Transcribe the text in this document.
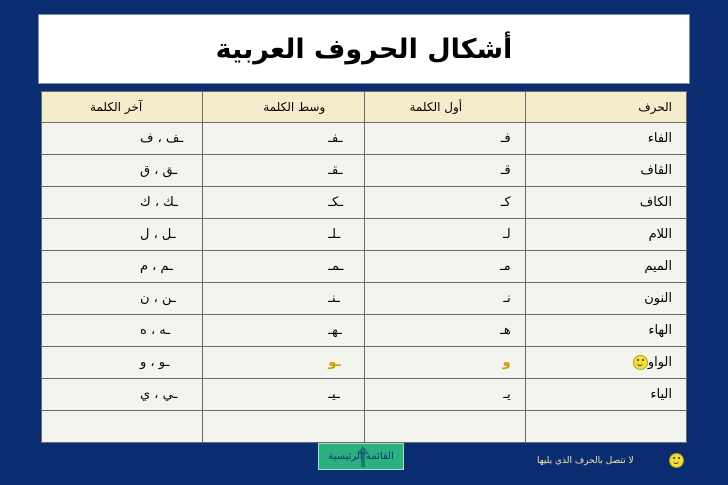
أشكال الحروف العربية
آخر الكلمة	وسط الكلمة	أول الكلمة	الحرف
ـف ، ف	ـفـ	فـ	الفاء
ـق ، ق	ـقـ	قـ	القاف
ـك ، ك	ـكـ	كـ	الكاف
ـل ، ل	ـلـ	لـ	اللام
ـم ، م	ـمـ	مـ	الميم
ـن ، ن	ـنـ	نـ	النون
ـه ، ه	ـهـ	هـ	الهاء
ـو ، و	ـو	و	الواو
ـي ، ي	ـيـ	يـ	الياء

القائمة الرئيسية	لا تتصل بالحرف الذي يليها
